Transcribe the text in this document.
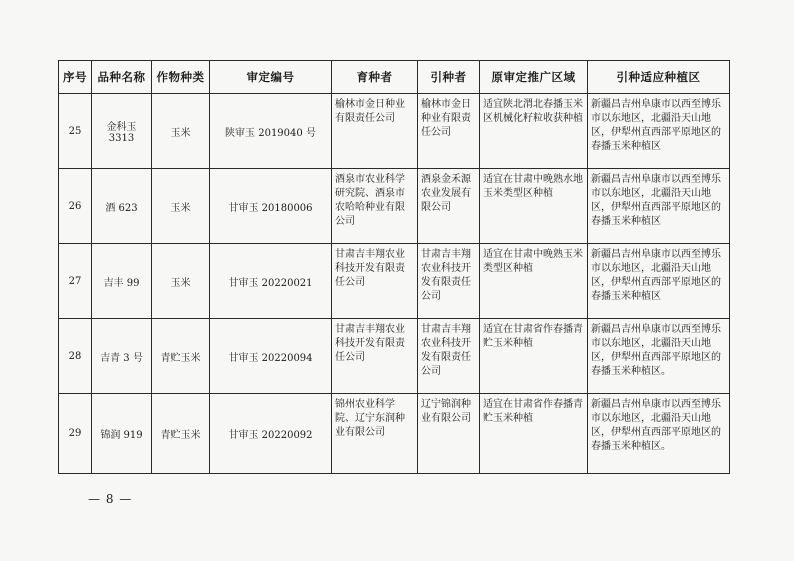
序号	品种名称	作物种类	审定编号	育种者	引种者	原审定推广区域	引种适应种植区
25	金科玉 3313	玉米	陕审玉 2019040 号	榆林市金日种业有限责任公司	榆林市金日种业有限责任公司	适宜陕北渭北春播玉米区机械化籽粒收获种植	新疆昌吉州阜康市以西至博乐市以东地区，北疆沿天山地区，伊犁州直西部平原地区的春播玉米种植区
26	酒 623	玉米	甘审玉 20180006	酒泉市农业科学研究院、酒泉市农哈哈种业有限公司	酒泉金禾源农业发展有限公司	适宜在甘肃中晚熟水地玉米类型区种植	新疆昌吉州阜康市以西至博乐市以东地区，北疆沿天山地区，伊犁州直西部平原地区的春播玉米种植区
27	吉丰 99	玉米	甘审玉 20220021	甘肃吉丰翔农业科技开发有限责任公司	甘肃吉丰翔农业科技开发有限责任公司	适宜在甘肃中晚熟玉米类型区种植	新疆昌吉州阜康市以西至博乐市以东地区，北疆沿天山地区，伊犁州直西部平原地区的春播玉米种植区
28	吉青 3 号	青贮玉米	甘审玉 20220094	甘肃吉丰翔农业科技开发有限责任公司	甘肃吉丰翔农业科技开发有限责任公司	适宜在甘肃省作春播青贮玉米种植	新疆昌吉州阜康市以西至博乐市以东地区，北疆沿天山地区，伊犁州直西部平原地区的春播玉米种植区。
29	锦润 919	青贮玉米	甘审玉 20220092	锦州农业科学院、辽宁东润种业有限公司	辽宁锦润种业有限公司	适宜在甘肃省作春播青贮玉米种植	新疆昌吉州阜康市以西至博乐市以东地区，北疆沿天山地区，伊犁州直西部平原地区的春播玉米种植区。
— 8 —
